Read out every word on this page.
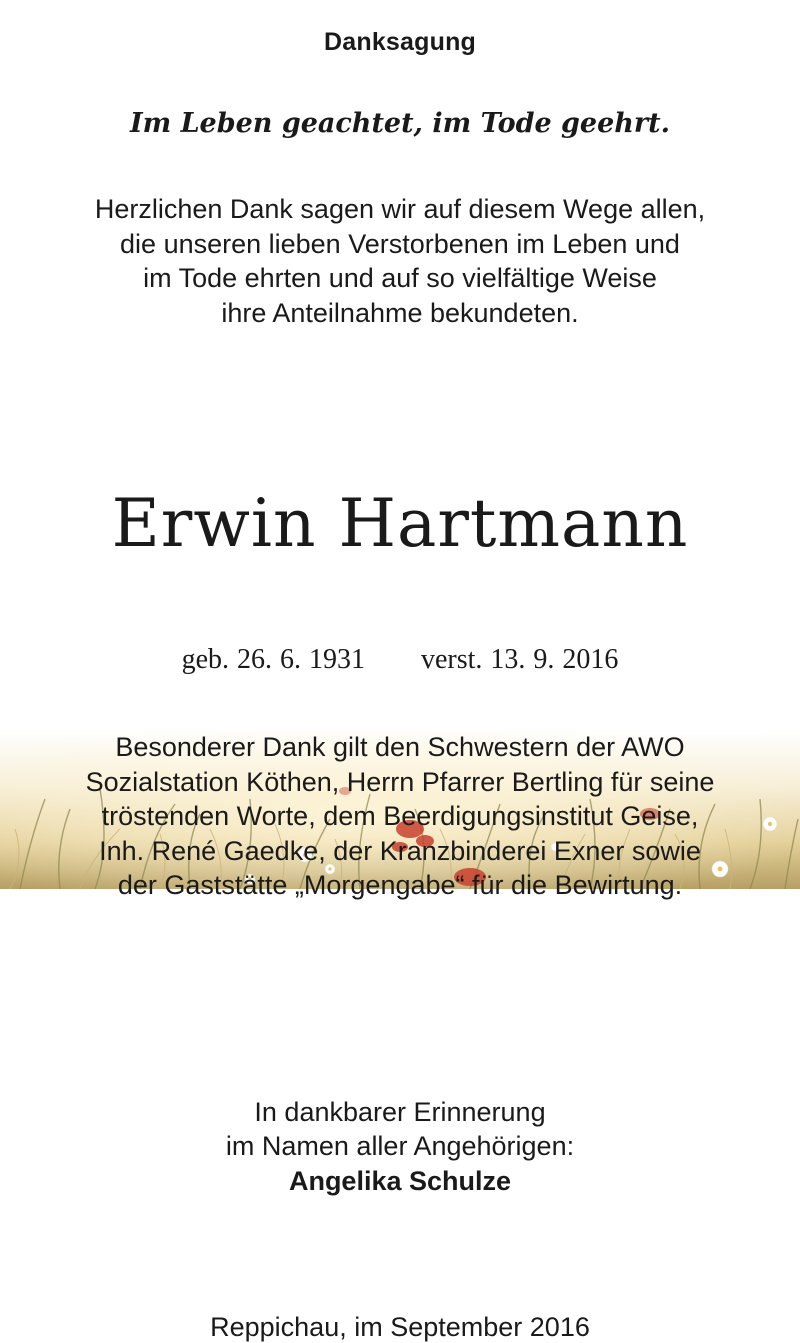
Danksagung
Im Leben geachtet, im Tode geehrt.
Herzlichen Dank sagen wir auf diesem Wege allen,
die unseren lieben Verstorbenen im Leben und
im Tode ehrten und auf so vielfältige Weise
ihre Anteilnahme bekundeten.
Erwin Hartmann
geb. 26. 6. 1931 verst. 13. 9. 2016
Besonderer Dank gilt den Schwestern der AWO
Sozialstation Köthen, Herrn Pfarrer Bertling für seine
tröstenden Worte, dem Beerdigungsinstitut Geise,
Inh. René Gaedke, der Kranzbinderei Exner sowie
der Gaststätte „Morgengabe“ für die Bewirtung.
In dankbarer Erinnerung
im Namen aller Angehörigen:
Angelika Schulze
Reppichau, im September 2016
